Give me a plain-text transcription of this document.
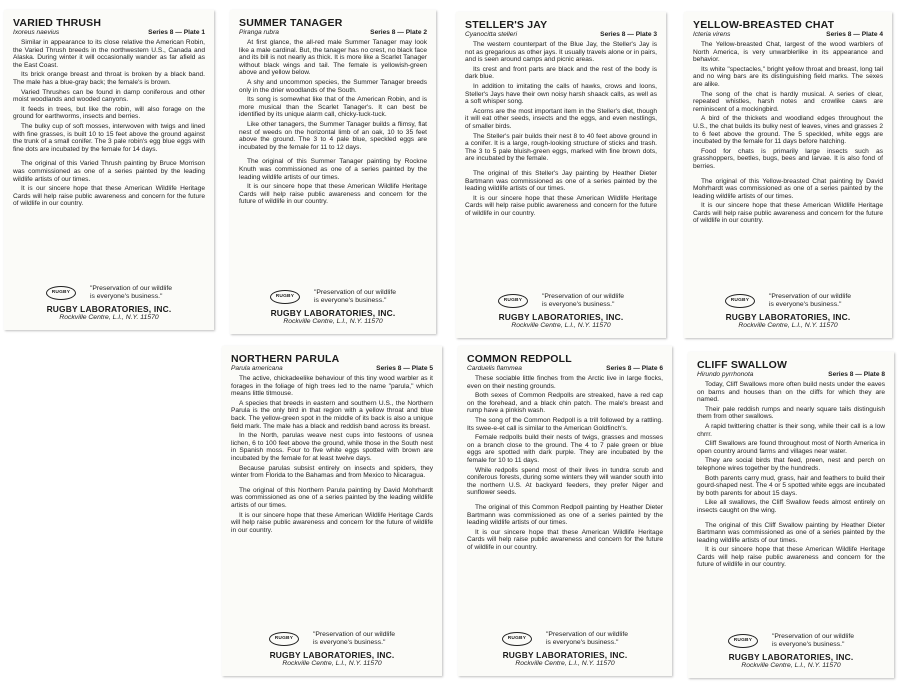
VARIED THRUSH
Ixoreus naevius	Series 8 — Plate 1

Similar in appearance to its close relative the American Robin, the Varied Thrush breeds in the northwestern U.S., Canada and Alaska. During winter it will occasionally wander as far afield as the East Coast.

Its brick orange breast and throat is broken by a black band. The male has a blue-gray back; the female's is brown.

Varied Thrushes can be found in damp coniferous and other moist woodlands and wooded canyons.

It feeds in trees, but like the robin, will also forage on the ground for earthworms, insects and berries.

The bulky cup of soft mosses, interwoven with twigs and lined with fine grasses, is built 10 to 15 feet above the ground against the trunk of a small conifer. The 3 pale robin's egg blue eggs with fine dots are incubated by the female for 14 days.

The original of this Varied Thrush painting by Bruce Morrison was commissioned as one of a series painted by the leading wildlife artists of our times.

It is our sincere hope that these American Wildlife Heritage Cards will help raise public awareness and concern for the future of wildlife in our country.

RUGBY
"Preservation of our wildlife
is everyone's business."
RUGBY LABORATORIES, INC.
Rockville Centre, L.I., N.Y. 11570
SUMMER TANAGER
Piranga rubra	Series 8 — Plate 2

At first glance, the all-red male Summer Tanager may look like a male cardinal. But, the tanager has no crest, no black face and its bill is not nearly as thick. It is more like a Scarlet Tanager without black wings and tail. The female is yellowish-green above and yellow below.

A shy and uncommon species, the Summer Tanager breeds only in the drier woodlands of the South.

Its song is somewhat like that of the American Robin, and is more musical than the Scarlet Tanager's. It can best be identified by its unique alarm call, chicky-tuck-tuck.

Like other tanagers, the Summer Tanager builds a flimsy, flat nest of weeds on the horizontal limb of an oak, 10 to 35 feet above the ground. The 3 to 4 pale blue, speckled eggs are incubated by the female for 11 to 12 days.

The original of this Summer Tanager painting by Rockne Knuth was commissioned as one of a series painted by the leading wildlife artists of our times.

It is our sincere hope that these American Wildlife Heritage Cards will help raise public awareness and concern for the future of wildlife in our country.

RUGBY
"Preservation of our wildlife
is everyone's business."
RUGBY LABORATORIES, INC.
Rockville Centre, L.I., N.Y. 11570
STELLER'S JAY
Cyanocitta stelleri	Series 8 — Plate 3

The western counterpart of the Blue Jay, the Steller's Jay is not as gregarious as other jays. It usually travels alone or in pairs, and is seen around camps and picnic areas.

Its crest and front parts are black and the rest of the body is dark blue.

In addition to imitating the calls of hawks, crows and loons, Steller's Jays have their own noisy harsh shaack calls, as well as a soft whisper song.

Acorns are the most important item in the Steller's diet, though it will eat other seeds, insects and the eggs, and even nestlings, of smaller birds.

The Steller's pair builds their nest 8 to 40 feet above ground in a conifer. It is a large, rough-looking structure of sticks and trash. The 3 to 5 pale bluish-green eggs, marked with fine brown dots, are incubated by the female.

The original of this Steller's Jay painting by Heather Dieter Bartmann was commissioned as one of a series painted by the leading wildlife artists of our times.

It is our sincere hope that these American Wildlife Heritage Cards will help raise public awareness and concern for the future of wildlife in our country.

RUGBY
"Preservation of our wildlife
is everyone's business."
RUGBY LABORATORIES, INC.
Rockville Centre, L.I., N.Y. 11570
YELLOW-BREASTED CHAT
Icteria virens	Series 8 — Plate 4

The Yellow-breasted Chat, largest of the wood warblers of North America, is very unwarblerlike in its appearance and behavior.

Its white "spectacles," bright yellow throat and breast, long tail and no wing bars are its distinguishing field marks. The sexes are alike.

The song of the chat is hardly musical. A series of clear, repeated whistles, harsh notes and crowlike caws are reminiscent of a mockingbird.

A bird of the thickets and woodland edges throughout the U.S., the chat builds its bulky nest of leaves, vines and grasses 2 to 6 feet above the ground. The 5 speckled, white eggs are incubated by the female for 11 days before hatching.

Food for chats is primarily large insects such as grasshoppers, beetles, bugs, bees and larvae. It is also fond of berries.

The original of this Yellow-breasted Chat painting by David Mohrhardt was commissioned as one of a series painted by the leading wildlife artists of our times.

It is our sincere hope that these American Wildlife Heritage Cards will help raise public awareness and concern for the future of wildlife in our country.

RUGBY
"Preservation of our wildlife
is everyone's business."
RUGBY LABORATORIES, INC.
Rockville Centre, L.I., N.Y. 11570
NORTHERN PARULA
Parula americana	Series 8 — Plate 5

The active, chickadeelike behaviour of this tiny wood warbler as it forages in the foliage of high trees led to the name "parula," which means little titmouse.

A species that breeds in eastern and southern U.S., the Northern Parula is the only bird in that region with a yellow throat and blue back. The yellow-green spot in the middle of its back is also a unique field mark. The male has a black and reddish band across its breast.

In the North, parulas weave nest cups into festoons of usnea lichen, 6 to 100 feet above the ground, while those in the South nest in Spanish moss. Four to five white eggs spotted with brown are incubated by the female for at least twelve days.

Because parulas subsist entirely on insects and spiders, they winter from Florida to the Bahamas and from Mexico to Nicaragua.

The original of this Northern Parula painting by David Mohrhardt was commissioned as one of a series painted by the leading wildlife artists of our times.

It is our sincere hope that these American Wildlife Heritage Cards will help raise public awareness and concern for the future of wildlife in our country.

RUGBY
"Preservation of our wildlife
is everyone's business."
RUGBY LABORATORIES, INC.
Rockville Centre, L.I., N.Y. 11570
COMMON REDPOLL
Carduelis flammea	Series 8 — Plate 6

These sociable little finches from the Arctic live in large flocks, even on their nesting grounds.

Both sexes of Common Redpolls are streaked, have a red cap on the forehead, and a black chin patch. The male's breast and rump have a pinkish wash.

The song of the Common Redpoll is a trill followed by a rattling. Its swee-e-et call is similar to the American Goldfinch's.

Female redpolls build their nests of twigs, grasses and mosses on a branch close to the ground. The 4 to 7 pale green or blue eggs are spotted with dark purple. They are incubated by the female for 10 to 11 days.

While redpolls spend most of their lives in tundra scrub and coniferous forests, during some winters they will wander south into the northern U.S. At backyard feeders, they prefer Niger and sunflower seeds.

The original of this Common Redpoll painting by Heather Dieter Bartmann was commissioned as one of a series painted by the leading wildlife artists of our times.

It is our sincere hope that these American Wildlife Heritage Cards will help raise public awareness and concern for the future of wildlife in our country.

RUGBY
"Preservation of our wildlife
is everyone's business."
RUGBY LABORATORIES, INC.
Rockville Centre, L.I., N.Y. 11570
CLIFF SWALLOW
Hirundo pyrrhonota	Series 8 — Plate 8

Today, Cliff Swallows more often build nests under the eaves on barns and houses than on the cliffs for which they are named.

Their pale reddish rumps and nearly square tails distinguish them from other swallows.

A rapid twittering chatter is their song, while their call is a low chrrr.

Cliff Swallows are found throughout most of North America in open country around farms and villages near water.

They are social birds that feed, preen, nest and perch on telephone wires together by the hundreds.

Both parents carry mud, grass, hair and feathers to build their gourd-shaped nest. The 4 or 5 spotted white eggs are incubated by both parents for about 15 days.

Like all swallows, the Cliff Swallow feeds almost entirely on insects caught on the wing.

The original of this Cliff Swallow painting by Heather Dieter Bartmann was commissioned as one of a series painted by the leading wildlife artists of our times.

It is our sincere hope that these American Wildlife Heritage Cards will help raise public awareness and concern for the future of wildlife in our country.

RUGBY
"Preservation of our wildlife
is everyone's business."
RUGBY LABORATORIES, INC.
Rockville Centre, L.I., N.Y. 11570
